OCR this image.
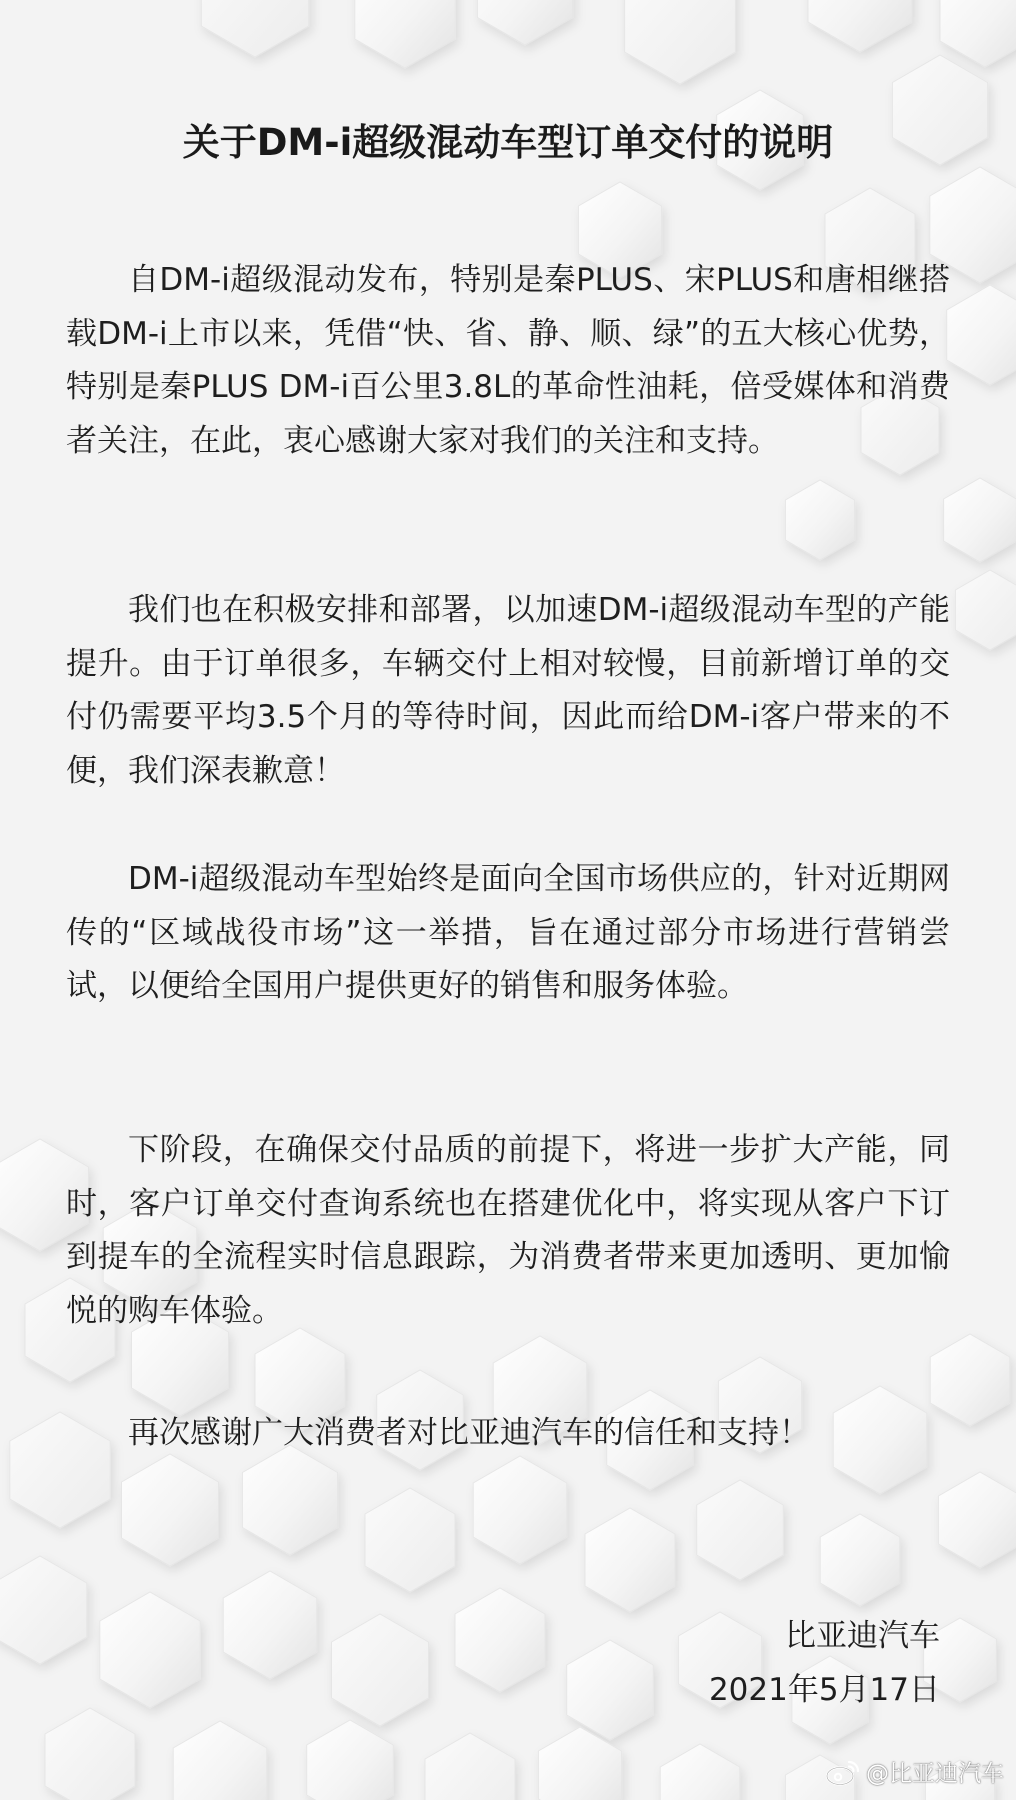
关于DM-i超级混动车型订单交付的说明

自DM-i超级混动发布，特别是秦PLUS、宋PLUS和唐相继搭载DM-i上市以来，凭借“快、省、静、顺、绿”的五大核心优势，特别是秦PLUS DM-i百公里3.8L的革命性油耗，倍受媒体和消费者关注，在此，衷心感谢大家对我们的关注和支持。

我们也在积极安排和部署，以加速DM-i超级混动车型的产能提升。由于订单很多，车辆交付上相对较慢，目前新增订单的交付仍需要平均3.5个月的等待时间，因此而给DM-i客户带来的不便，我们深表歉意！

DM-i超级混动车型始终是面向全国市场供应的，针对近期网传的“区域战役市场”这一举措，旨在通过部分市场进行营销尝试，以便给全国用户提供更好的销售和服务体验。

下阶段，在确保交付品质的前提下，将进一步扩大产能，同时，客户订单交付查询系统也在搭建优化中，将实现从客户下订到提车的全流程实时信息跟踪，为消费者带来更加透明、更加愉悦的购车体验。

再次感谢广大消费者对比亚迪汽车的信任和支持！

比亚迪汽车
2021年5月17日
@比亚迪汽车
